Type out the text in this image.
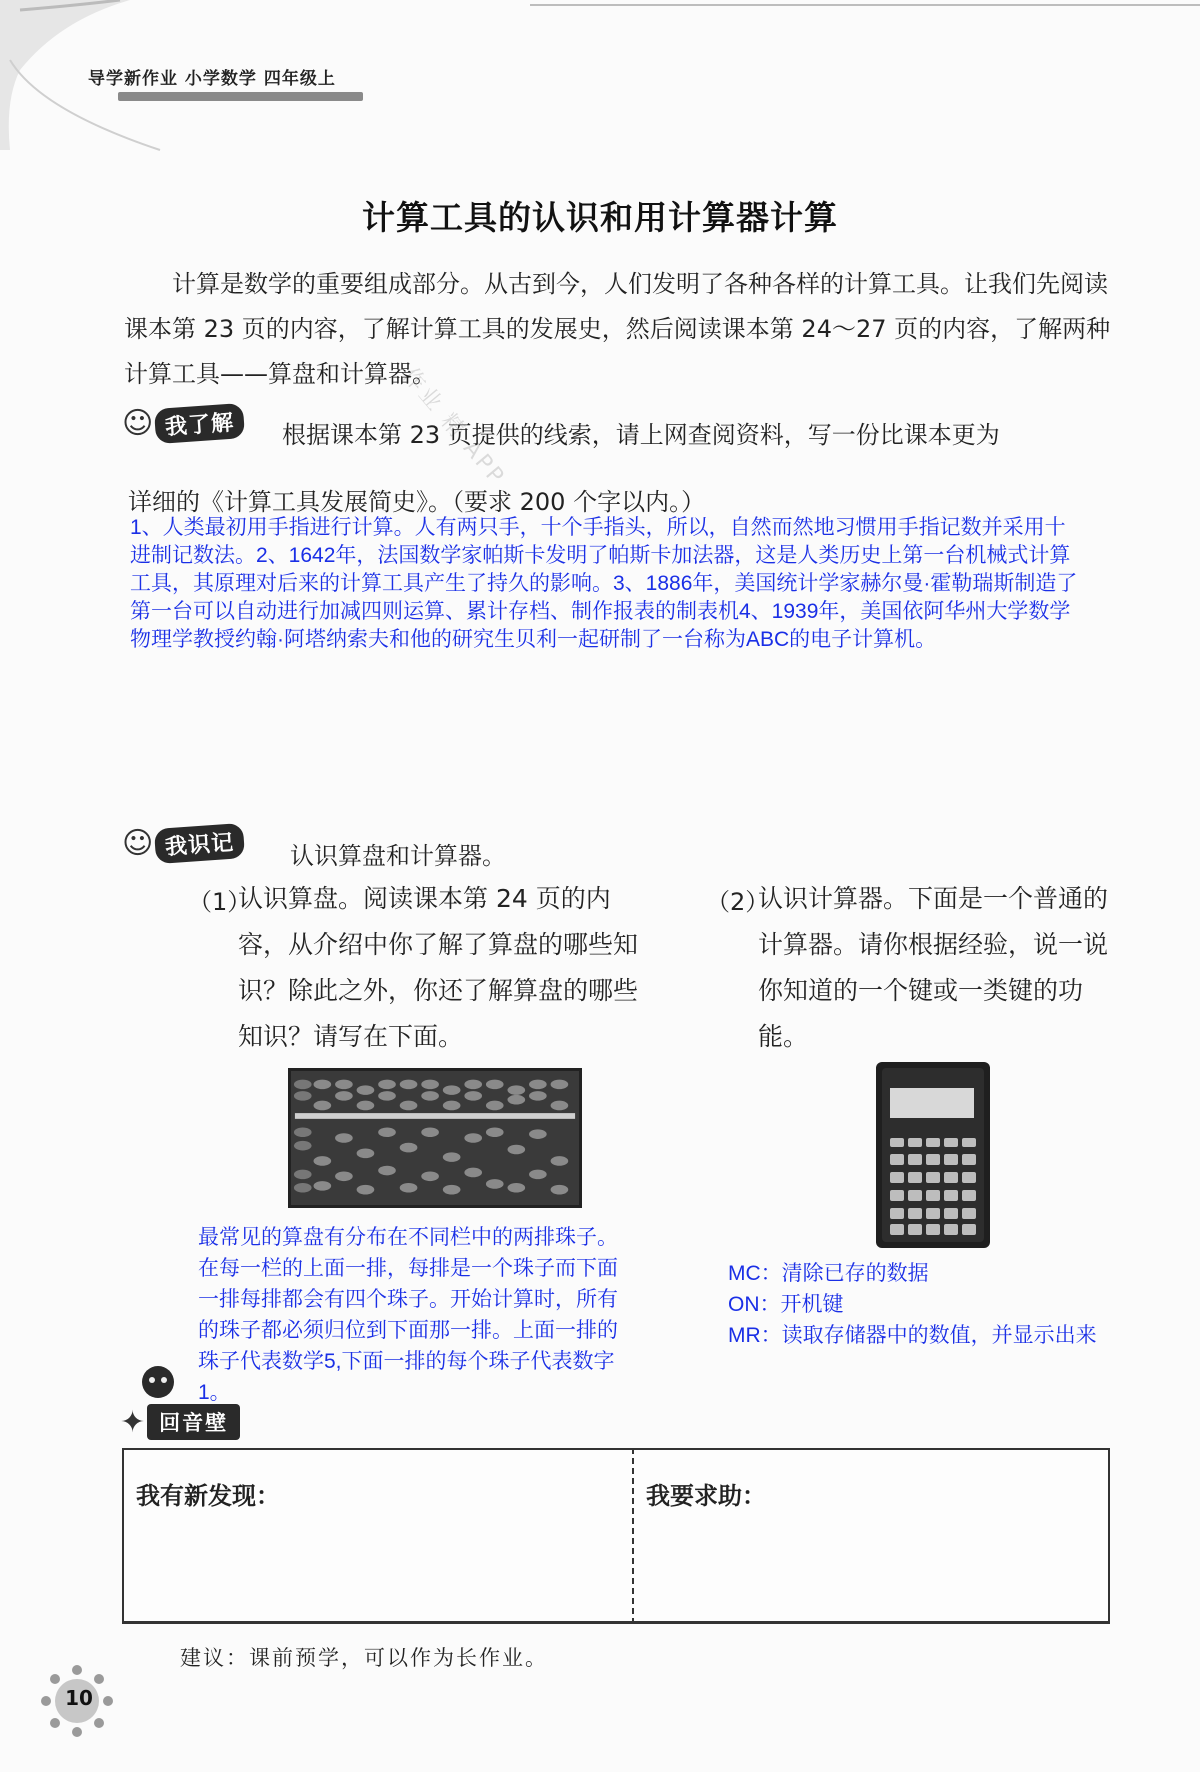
导学新作业 小学数学 四年级上
计算工具的认识和用计算器计算
计算是数学的重要组成部分。从古到今，人们发明了各种各样的计算工具。让我们先阅读课本第 23 页的内容，了解计算工具的发展史，然后阅读课本第 24～27 页的内容，了解两种计算工具——算盘和计算器。
作业 精 APP
☺ 我了解	根据课本第 23 页提供的线索，请上网查阅资料，写一份比课本更为
详细的《计算工具发展简史》。（要求 200 个字以内。）
1、人类最初用手指进行计算。人有两只手，十个手指头，所以，自然而然地习惯用手指记数并采用十进制记数法。2、1642年，法国数学家帕斯卡发明了帕斯卡加法器，这是人类历史上第一台机械式计算工具，其原理对后来的计算工具产生了持久的影响。3、1886年，美国统计学家赫尔曼·霍勒瑞斯制造了第一台可以自动进行加减四则运算、累计存档、制作报表的制表机4、1939年，美国依阿华州大学数学物理学教授约翰·阿塔纳索夫和他的研究生贝利一起研制了一台称为ABC的电子计算机。
☺ 我识记	认识算盘和计算器。
（1）
认识算盘。阅读课本第 24 页的内容，从介绍中你了解了算盘的哪些知识？除此之外，你还了解算盘的哪些知识？请写在下面。
（2）
认识计算器。下面是一个普通的计算器。请你根据经验，说一说你知道的一个键或一类键的功能。
最常见的算盘有分布在不同栏中的两排珠子。在每一栏的上面一排，每排是一个珠子而下面一排每排都会有四个珠子。开始计算时，所有的珠子都必须归位到下面那一排。上面一排的珠子代表数学5,下面一排的每个珠子代表数字1。
MC：清除已存的数据
ON：开机键
MR：读取存储器中的数值，并显示出来
✦ 回音壁
我有新发现：	我要求助：
建议：课前预学，可以作为长作业。
10
